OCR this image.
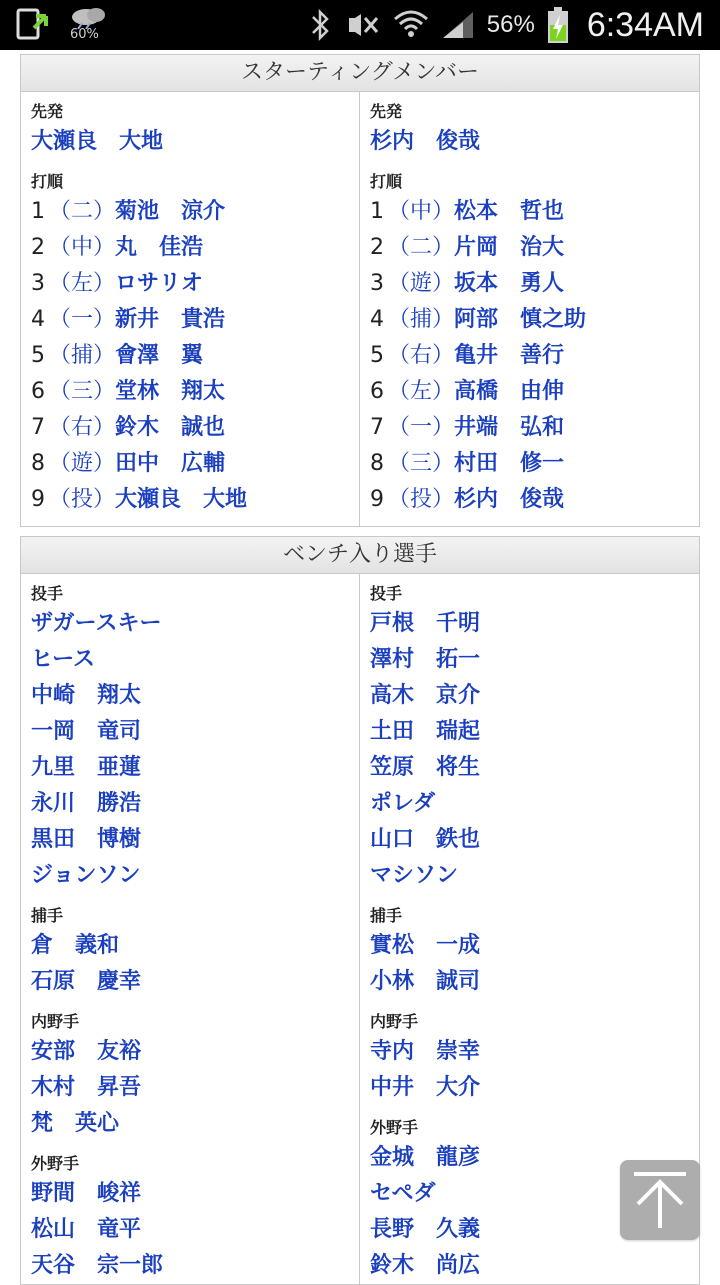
60%	56% 6:34AM
スターティングメンバー
先発
大瀬良　大地
打順
1 （ 二 ） 菊池　涼介
2 （ 中 ） 丸　佳浩
3 （ 左 ） ロサリオ
4 （ 一 ） 新井　貴浩
5 （ 捕 ） 會澤　翼
6 （ 三 ） 堂林　翔太
7 （ 右 ） 鈴木　誠也
8 （ 遊 ） 田中　広輔
9 （ 投 ） 大瀬良　大地
先発
杉内　俊哉
打順
1 （ 中 ） 松本　哲也
2 （ 二 ） 片岡　治大
3 （ 遊 ） 坂本　勇人
4 （ 捕 ） 阿部　慎之助
5 （ 右 ） 亀井　善行
6 （ 左 ） 高橋　由伸
7 （ 一 ） 井端　弘和
8 （ 三 ） 村田　修一
9 （ 投 ） 杉内　俊哉
ベンチ入り選手
投手
ザガースキー
ヒース
中崎　翔太
一岡　竜司
九里　亜蓮
永川　勝浩
黒田　博樹
ジョンソン
捕手
倉　義和
石原　慶幸
内野手
安部　友裕
木村　昇吾
梵　英心
外野手
野間　峻祥
松山　竜平
天谷　宗一郎
投手
戸根　千明
澤村　拓一
高木　京介
土田　瑞起
笠原　将生
ポレダ
山口　鉄也
マシソン
捕手
實松　一成
小林　誠司
内野手
寺内　崇幸
中井　大介
外野手
金城　龍彦
セペダ
長野　久義
鈴木　尚広
